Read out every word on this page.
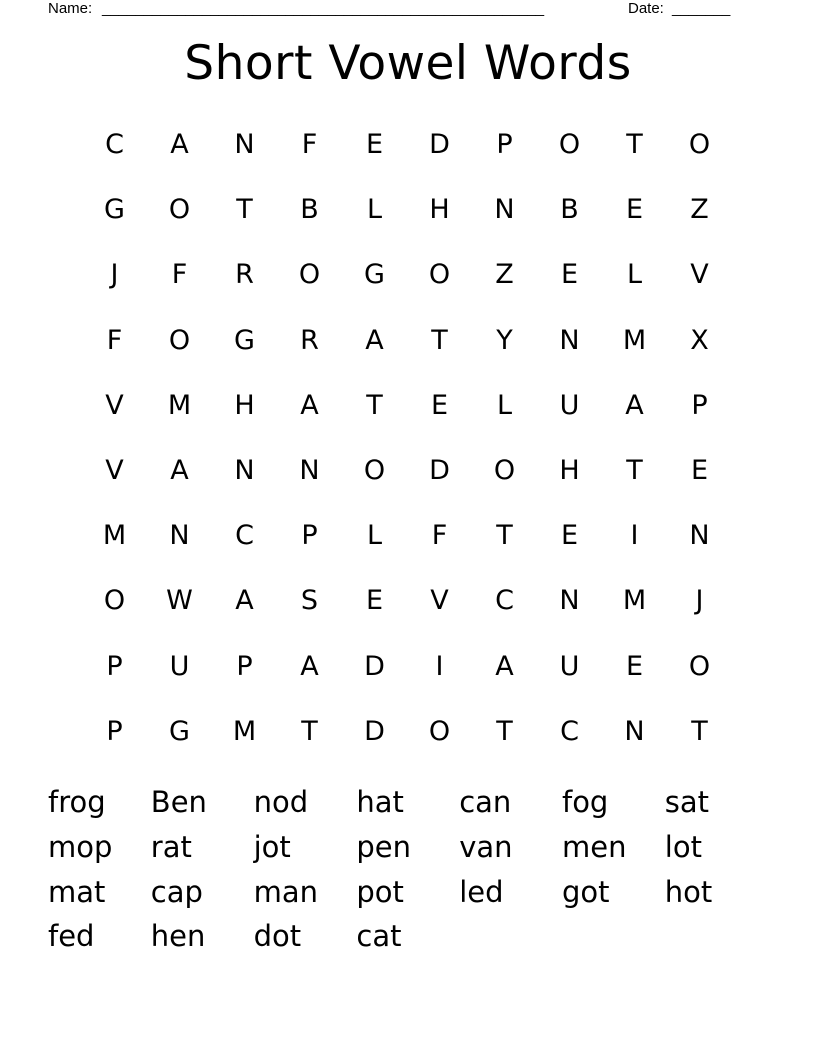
Name: _____________________________________________________	Date: _______
Short Vowel Words
C	A	N	F	E	D	P	O	T	O
G	O	T	B	L	H	N	B	E	Z
J	F	R	O	G	O	Z	E	L	V
F	O	G	R	A	T	Y	N	M	X
V	M	H	A	T	E	L	U	A	P
V	A	N	N	O	D	O	H	T	E
M	N	C	P	L	F	T	E	I	N
O	W	A	S	E	V	C	N	M	J
P	U	P	A	D	I	A	U	E	O
P	G	M	T	D	O	T	C	N	T
frog	Ben	nod	hat	can	fog	sat
mop	rat	jot	pen	van	men	lot
mat	cap	man	pot	led	got	hot
fed	hen	dot	cat
